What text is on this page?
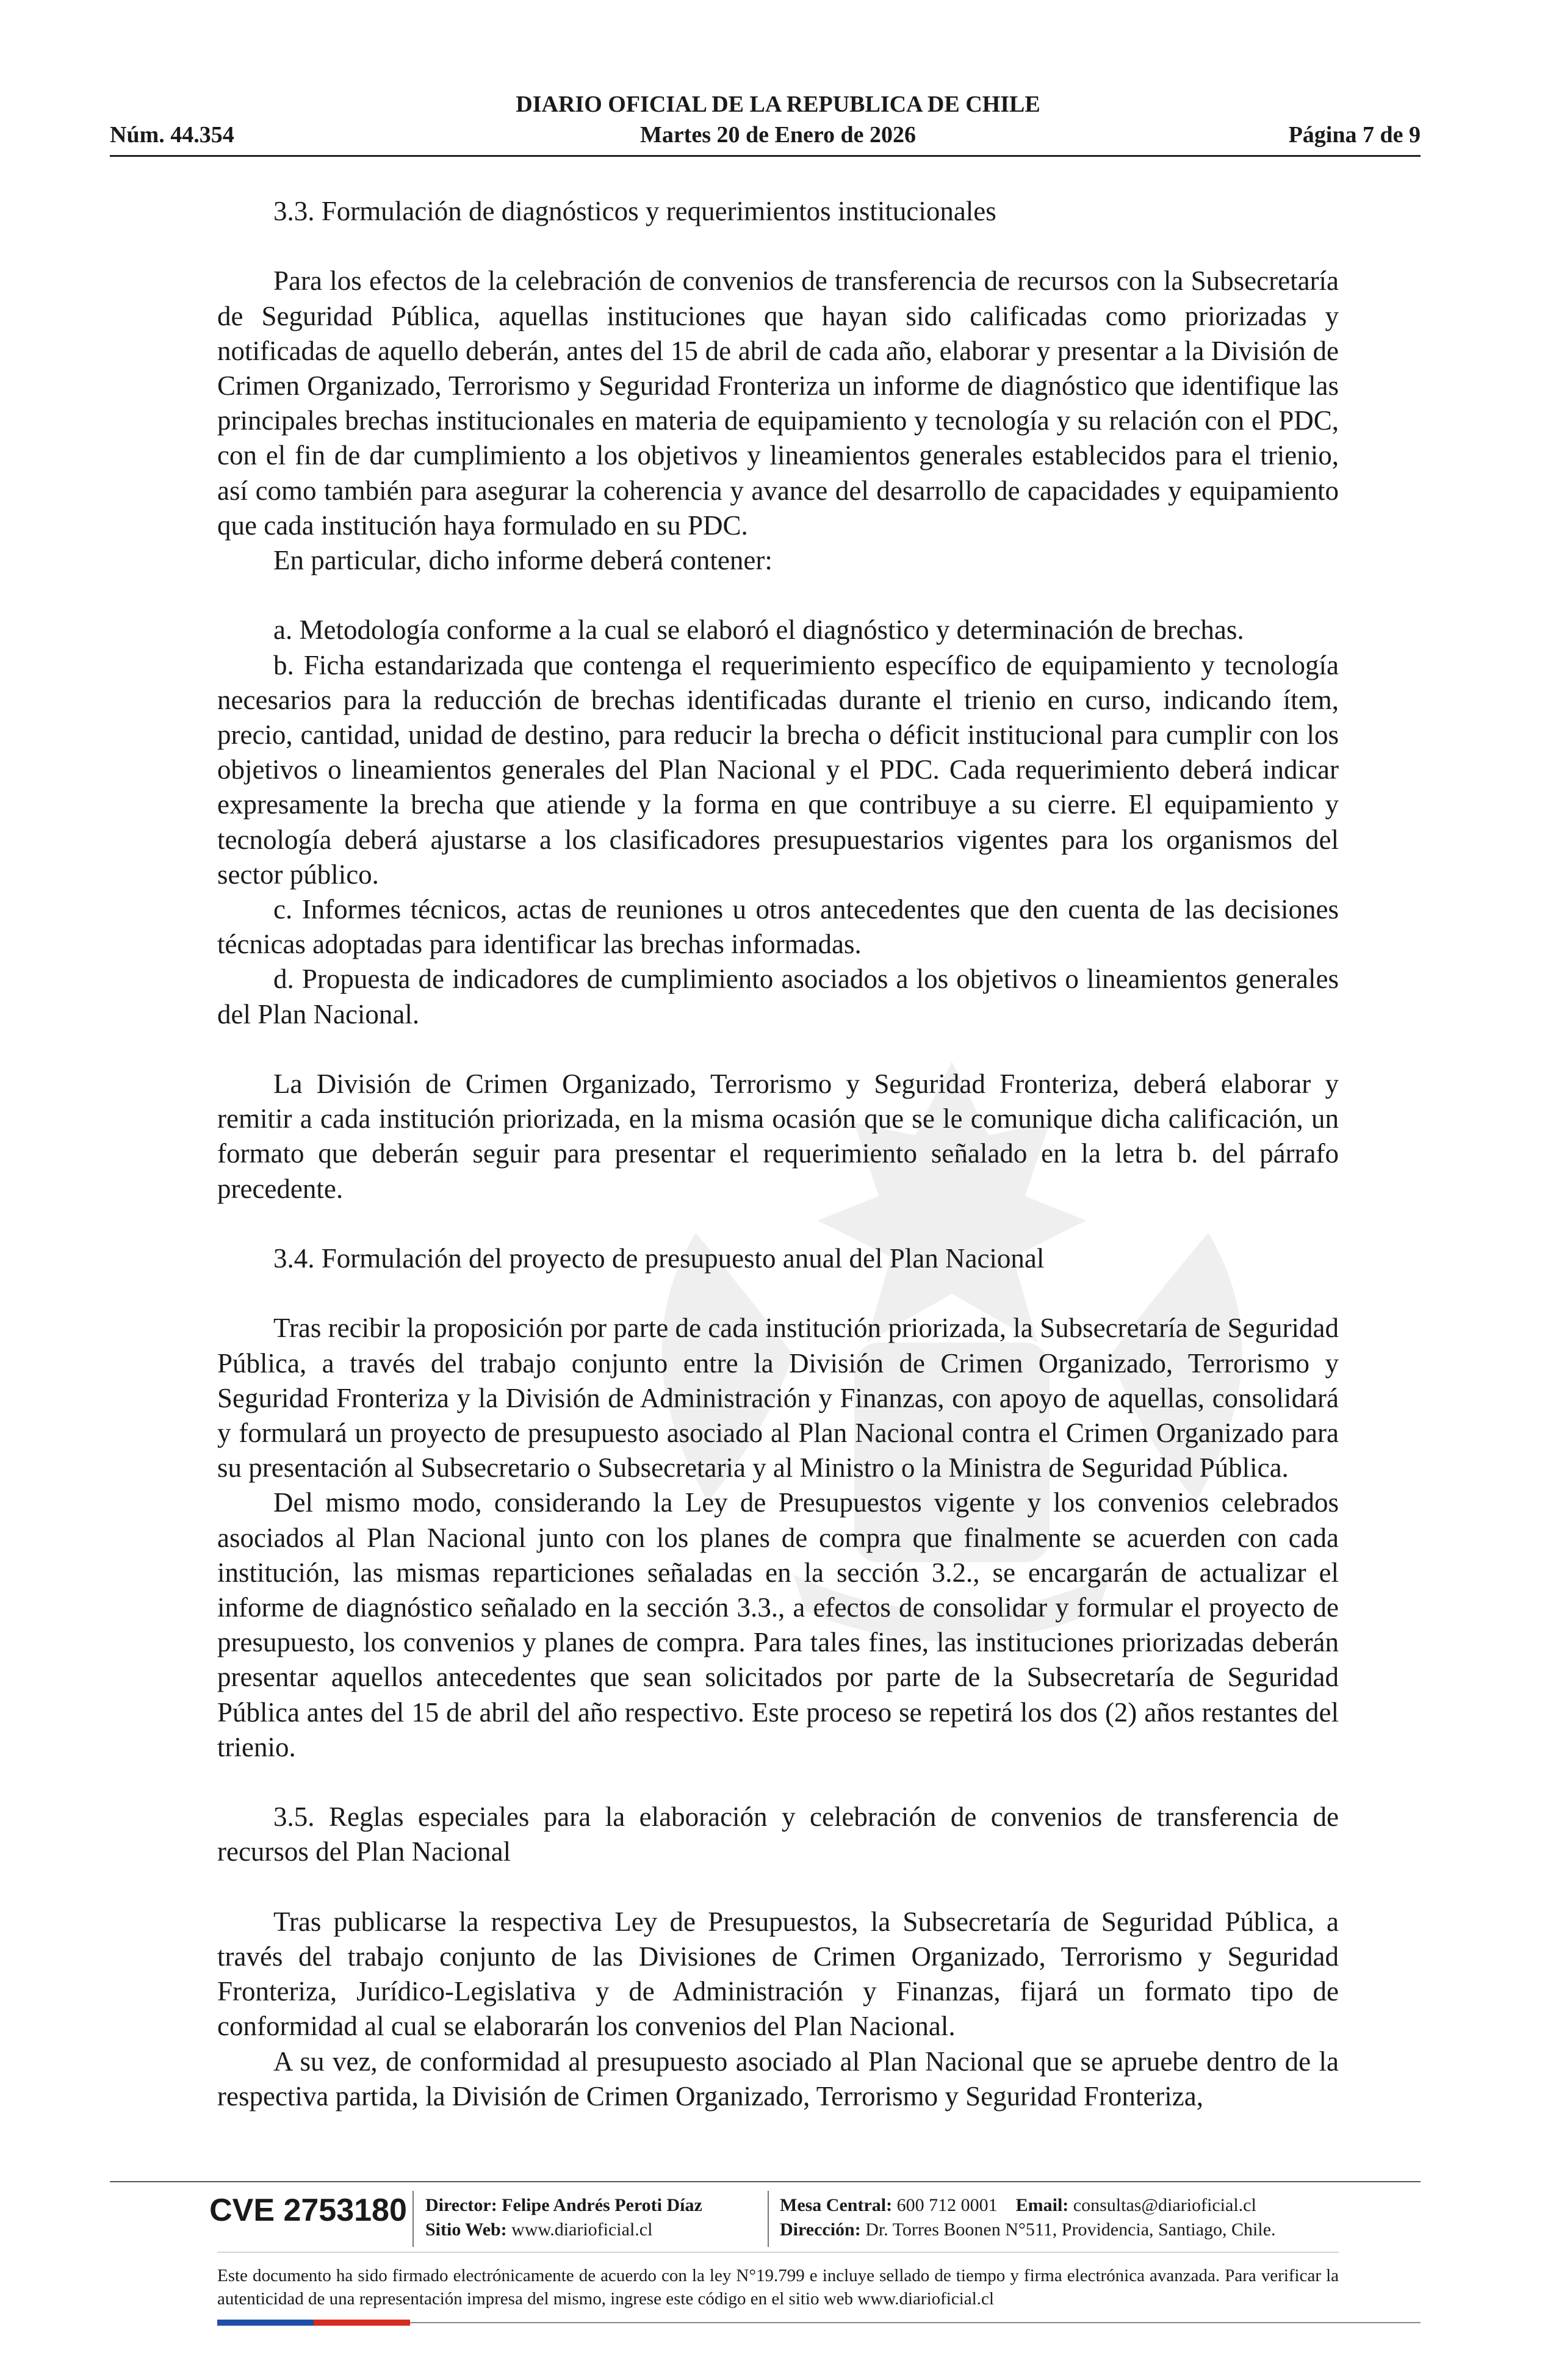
DIARIO OFICIAL DE LA REPUBLICA DE CHILE
Núm. 44.354	Martes 20 de Enero de 2026	Página 7 de 9

3.3. Formulación de diagnósticos y requerimientos institucionales

Para los efectos de la celebración de convenios de transferencia de recursos con la Subsecretaría de Seguridad Pública, aquellas instituciones que hayan sido calificadas como priorizadas y notificadas de aquello deberán, antes del 15 de abril de cada año, elaborar y presentar a la División de Crimen Organizado, Terrorismo y Seguridad Fronteriza un informe de diagnóstico que identifique las principales brechas institucionales en materia de equipamiento y tecnología y su relación con el PDC, con el fin de dar cumplimiento a los objetivos y lineamientos generales establecidos para el trienio, así como también para asegurar la coherencia y avance del desarrollo de capacidades y equipamiento que cada institución haya formulado en su PDC.

En particular, dicho informe deberá contener:

a. Metodología conforme a la cual se elaboró el diagnóstico y determinación de brechas.

b. Ficha estandarizada que contenga el requerimiento específico de equipamiento y tecnología necesarios para la reducción de brechas identificadas durante el trienio en curso, indicando ítem, precio, cantidad, unidad de destino, para reducir la brecha o déficit institucional para cumplir con los objetivos o lineamientos generales del Plan Nacional y el PDC. Cada requerimiento deberá indicar expresamente la brecha que atiende y la forma en que contribuye a su cierre. El equipamiento y tecnología deberá ajustarse a los clasificadores presupuestarios vigentes para los organismos del sector público.

c. Informes técnicos, actas de reuniones u otros antecedentes que den cuenta de las decisiones técnicas adoptadas para identificar las brechas informadas.

d. Propuesta de indicadores de cumplimiento asociados a los objetivos o lineamientos generales del Plan Nacional.

La División de Crimen Organizado, Terrorismo y Seguridad Fronteriza, deberá elaborar y remitir a cada institución priorizada, en la misma ocasión que se le comunique dicha calificación, un formato que deberán seguir para presentar el requerimiento señalado en la letra b. del párrafo precedente.

3.4. Formulación del proyecto de presupuesto anual del Plan Nacional

Tras recibir la proposición por parte de cada institución priorizada, la Subsecretaría de Seguridad Pública, a través del trabajo conjunto entre la División de Crimen Organizado, Terrorismo y Seguridad Fronteriza y la División de Administración y Finanzas, con apoyo de aquellas, consolidará y formulará un proyecto de presupuesto asociado al Plan Nacional contra el Crimen Organizado para su presentación al Subsecretario o Subsecretaria y al Ministro o la Ministra de Seguridad Pública.

Del mismo modo, considerando la Ley de Presupuestos vigente y los convenios celebrados asociados al Plan Nacional junto con los planes de compra que finalmente se acuerden con cada institución, las mismas reparticiones señaladas en la sección 3.2., se encargarán de actualizar el informe de diagnóstico señalado en la sección 3.3., a efectos de consolidar y formular el proyecto de presupuesto, los convenios y planes de compra. Para tales fines, las instituciones priorizadas deberán presentar aquellos antecedentes que sean solicitados por parte de la Subsecretaría de Seguridad Pública antes del 15 de abril del año respectivo. Este proceso se repetirá los dos (2) años restantes del trienio.

3.5. Reglas especiales para la elaboración y celebración de convenios de transferencia de recursos del Plan Nacional

Tras publicarse la respectiva Ley de Presupuestos, la Subsecretaría de Seguridad Pública, a través del trabajo conjunto de las Divisiones de Crimen Organizado, Terrorismo y Seguridad Fronteriza, Jurídico-Legislativa y de Administración y Finanzas, fijará un formato tipo de conformidad al cual se elaborarán los convenios del Plan Nacional.

A su vez, de conformidad al presupuesto asociado al Plan Nacional que se apruebe dentro de la respectiva partida, la División de Crimen Organizado, Terrorismo y Seguridad Fronteriza,

CVE 2753180 Director: Felipe Andrés Peroti Díaz
Sitio Web: www.diarioficial.cl
Mesa Central: 600 712 0001 Email: consultas@diarioficial.cl
Dirección: Dr. Torres Boonen N°511, Providencia, Santiago, Chile.
Este documento ha sido firmado electrónicamente de acuerdo con la ley N°19.799 e incluye sellado de tiempo y firma electrónica avanzada. Para verificar la autenticidad de una representación impresa del mismo, ingrese este código en el sitio web www.diarioficial.cl
